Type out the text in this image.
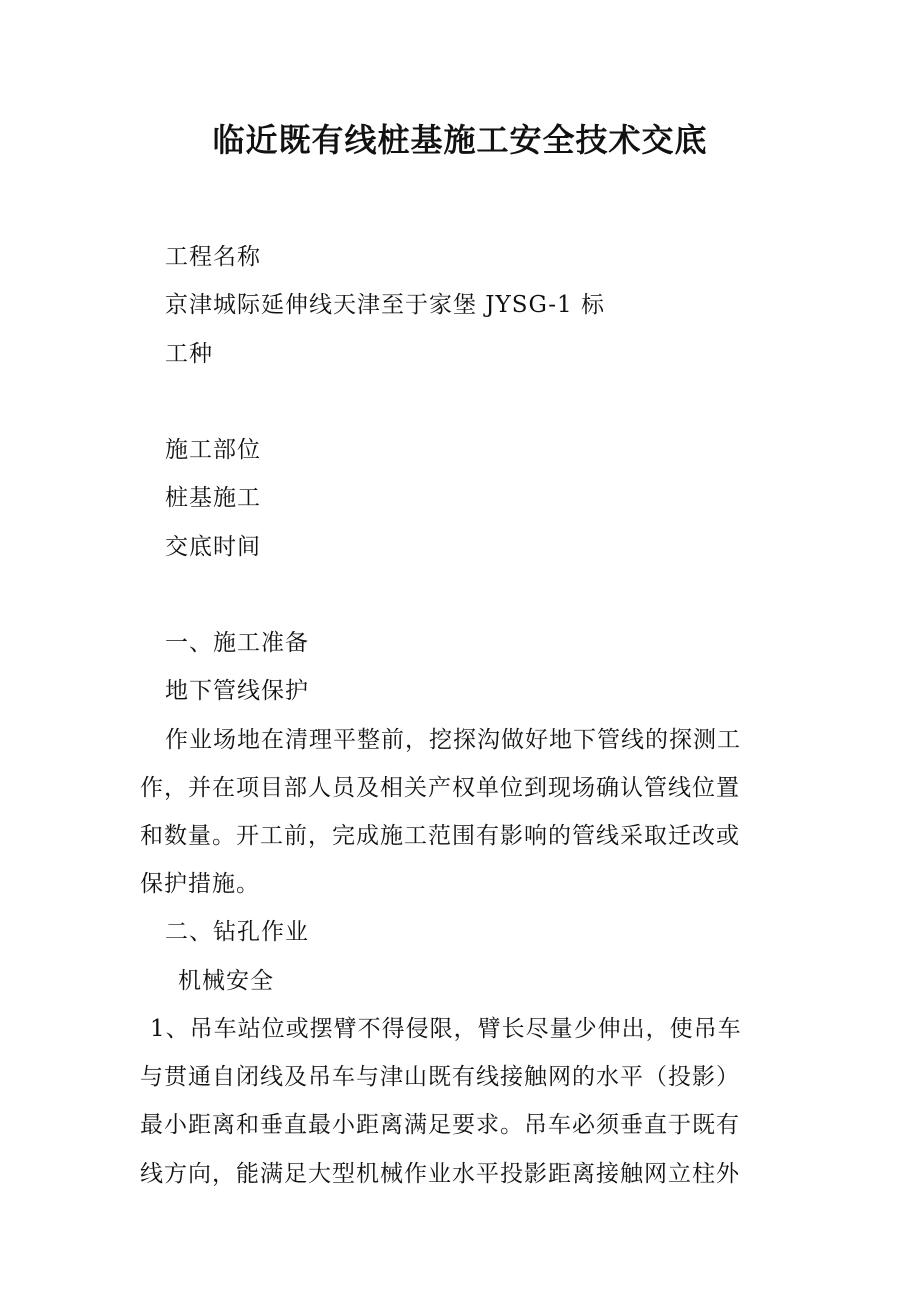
临近既有线桩基施工安全技术交底

工程名称

京津城际延伸线天津至于家堡 JYSG-1 标

工种

施工部位

桩基施工

交底时间

一、施工准备

地下管线保护

作业场地在清理平整前，挖探沟做好地下管线的探测工

作，并在项目部人员及相关产权单位到现场确认管线位置

和数量。开工前，完成施工范围有影响的管线采取迁改或

保护措施。

二、钻孔作业

机械安全

1、吊车站位或摆臂不得侵限，臂长尽量少伸出，使吊车

与贯通自闭线及吊车与津山既有线接触网的水平（投影）

最小距离和垂直最小距离满足要求。吊车必须垂直于既有

线方向，能满足大型机械作业水平投影距离接触网立柱外
